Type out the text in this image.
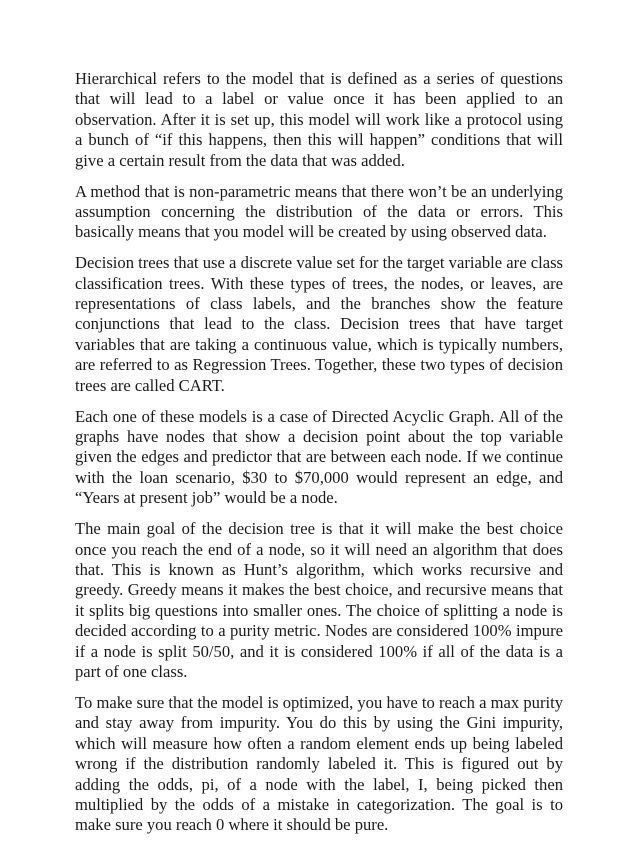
Hierarchical refers to the model that is defined as a series of questions that will lead to a label or value once it has been applied to an observation. After it is set up, this model will work like a protocol using a bunch of “if this happens, then this will happen” conditions that will give a certain result from the data that was added.

A method that is non-parametric means that there won’t be an underlying assumption concerning the distribution of the data or errors. This basically means that you model will be created by using observed data.

Decision trees that use a discrete value set for the target variable are class classification trees. With these types of trees, the nodes, or leaves, are representations of class labels, and the branches show the feature conjunctions that lead to the class. Decision trees that have target variables that are taking a continuous value, which is typically numbers, are referred to as Regression Trees. Together, these two types of decision trees are called CART.

Each one of these models is a case of Directed Acyclic Graph. All of the graphs have nodes that show a decision point about the top variable given the edges and predictor that are between each node. If we continue with the loan scenario, $30 to $70,000 would represent an edge, and “Years at present job” would be a node.

The main goal of the decision tree is that it will make the best choice once you reach the end of a node, so it will need an algorithm that does that. This is known as Hunt’s algorithm, which works recursive and greedy. Greedy means it makes the best choice, and recursive means that it splits big questions into smaller ones. The choice of splitting a node is decided according to a purity metric. Nodes are considered 100% impure if a node is split 50/50, and it is considered 100% if all of the data is a part of one class.

To make sure that the model is optimized, you have to reach a max purity and stay away from impurity. You do this by using the Gini impurity, which will measure how often a random element ends up being labeled wrong if the distribution randomly labeled it. This is figured out by adding the odds, pi, of a node with the label, I, being picked then multiplied by the odds of a mistake in categorization. The goal is to make sure you reach 0 where it should be pure.
